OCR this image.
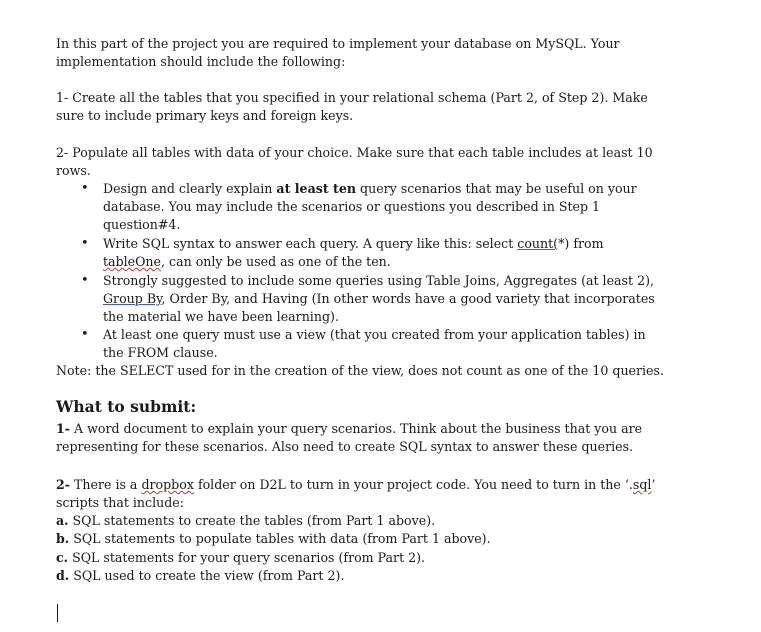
In this part of the project you are required to implement your database on MySQL. Your

implementation should include the following:

1- Create all the tables that you specified in your relational schema (Part 2, of Step 2). Make

sure to include primary keys and foreign keys.

2- Populate all tables with data of your choice. Make sure that each table includes at least 10

rows.

• Design and clearly explain at least ten query scenarios that may be useful on your

database. You may include the scenarios or questions you described in Step 1

question#4.

• Write SQL syntax to answer each query. A query like this: select count(*) from

tableOne, can only be used as one of the ten.

• Strongly suggested to include some queries using Table Joins, Aggregates (at least 2),

Group By, Order By, and Having (In other words have a good variety that incorporates

the material we have been learning).

• At least one query must use a view (that you created from your application tables) in

the FROM clause.

Note: the SELECT used for in the creation of the view, does not count as one of the 10 queries.

What to submit:

1- A word document to explain your query scenarios. Think about the business that you are

representing for these scenarios. Also need to create SQL syntax to answer these queries.

2- There is a dropbox folder on D2L to turn in your project code. You need to turn in the ‘.sql’

scripts that include:

a. SQL statements to create the tables (from Part 1 above).

b. SQL statements to populate tables with data (from Part 1 above).

c. SQL statements for your query scenarios (from Part 2).

d. SQL used to create the view (from Part 2).
